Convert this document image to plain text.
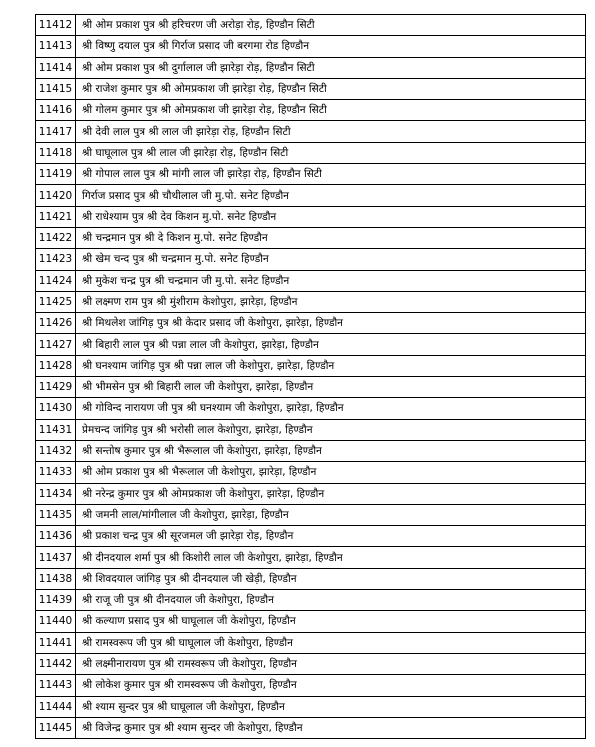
11412	श्री ओम प्रकाश पुत्र श्री हरिचरण जी अरोड़ा रोड़, हिण्डौन सिटी
11413	श्री विष्णु दयाल पुत्र श्री गिर्राज प्रसाद जी बरगमा रोड हिण्डौन
11414	श्री ओम प्रकाश पुत्र श्री दुर्गालाल जी झारेड़ा रोड़, हिण्डौन सिटी
11415	श्री राजेश कुमार पुत्र श्री ओमप्रकाश जी झारेड़ा रोड़, हिण्डौन सिटी
11416	श्री गोलम कुमार पुत्र श्री ओमप्रकाश जी झारेड़ा रोड़, हिण्डौन सिटी
11417	श्री देवी लाल पुत्र श्री लाल जी झारेड़ा रोड़, हिण्डौन सिटी
11418	श्री घाघूलाल पुत्र श्री लाल जी झारेड़ा रोड़, हिण्डौन सिटी
11419	श्री गोपाल लाल पुत्र श्री मांगी लाल जी झारेड़ा रोड़, हिण्डौन सिटी
11420	गिर्राज प्रसाद पुत्र श्री चौथीलाल जी मु.पो. सनेट हिण्डौन
11421	श्री राधेश्याम पुत्र श्री देव किशन मु.पो. सनेट हिण्डौन
11422	श्री चन्द्रमान पुत्र श्री दे किशन मु.पो. सनेट हिण्डौन
11423	श्री खेम चन्द पुत्र श्री चन्द्रमान मु.पो. सनेट हिण्डौन
11424	श्री मुकेश चन्द्र पुत्र श्री चन्द्रमान जी मु.पो. सनेट हिण्डौन
11425	श्री लक्ष्मण राम पुत्र श्री मुंशीराम केशोपुरा, झारेड़ा, हिण्डौन
11426	श्री मिथलेश जांगिड़ पुत्र श्री केदार प्रसाद जी केशोपुरा, झारेड़ा, हिण्डौन
11427	श्री बिहारी लाल पुत्र श्री पन्ना लाल जी केशोपुरा, झारेड़ा, हिण्डौन
11428	श्री घनश्याम जांगिड़ पुत्र श्री पन्ना लाल जी केशोपुरा, झारेड़ा, हिण्डौन
11429	श्री भीमसेन पुत्र श्री बिहारी लाल जी केशोपुरा, झारेड़ा, हिण्डौन
11430	श्री गोविन्द नारायण जी पुत्र श्री घनश्याम जी केशोपुरा, झारेड़ा, हिण्डौन
11431	प्रेमचन्द जांगिड़ पुत्र श्री भरोसी लाल केशोपुरा, झारेड़ा, हिण्डौन
11432	श्री सन्तोष कुमार पुत्र श्री भैरूलाल जी केशोपुरा, झारेड़ा, हिण्डौन
11433	श्री ओम प्रकाश पुत्र श्री भैरूलाल जी केशोपुरा, झारेड़ा, हिण्डौन
11434	श्री नरेन्द्र कुमार पुत्र श्री ओमप्रकाश जी केशोपुरा, झारेड़ा, हिण्डौन
11435	श्री जमनी लाल/मांगीलाल जी केशोपुरा, झारेड़ा, हिण्डौन
11436	श्री प्रकाश चन्द्र पुत्र श्री सूरजमल जी झारेड़ा रोड़, हिण्डौन
11437	श्री दीनदयाल शर्मा पुत्र श्री किशोरी लाल जी केशोपुरा, झारेड़ा, हिण्डौन
11438	श्री शिवदयाल जांगिड़ पुत्र श्री दीनदयाल जी खेड़ी, हिण्डौन
11439	श्री राजू जी पुत्र श्री दीनदयाल जी केशोपुरा, हिण्डौन
11440	श्री कल्याण प्रसाद पुत्र श्री घाघूलाल जी केशोपुरा, हिण्डौन
11441	श्री रामस्वरूप जी पुत्र श्री घाघूलाल जी केशोपुरा, हिण्डौन
11442	श्री लक्ष्मीनारायण पुत्र श्री रामस्वरूप जी केशोपुरा, हिण्डौन
11443	श्री लोकेश कुमार पुत्र श्री रामस्वरूप जी केशोपुरा, हिण्डौन
11444	श्री श्याम सुन्दर पुत्र श्री घाघूलाल जी केशोपुरा, हिण्डौन
11445	श्री विजेन्द्र कुमार पुत्र श्री श्याम सुन्दर जी केशोपुरा, हिण्डौन
